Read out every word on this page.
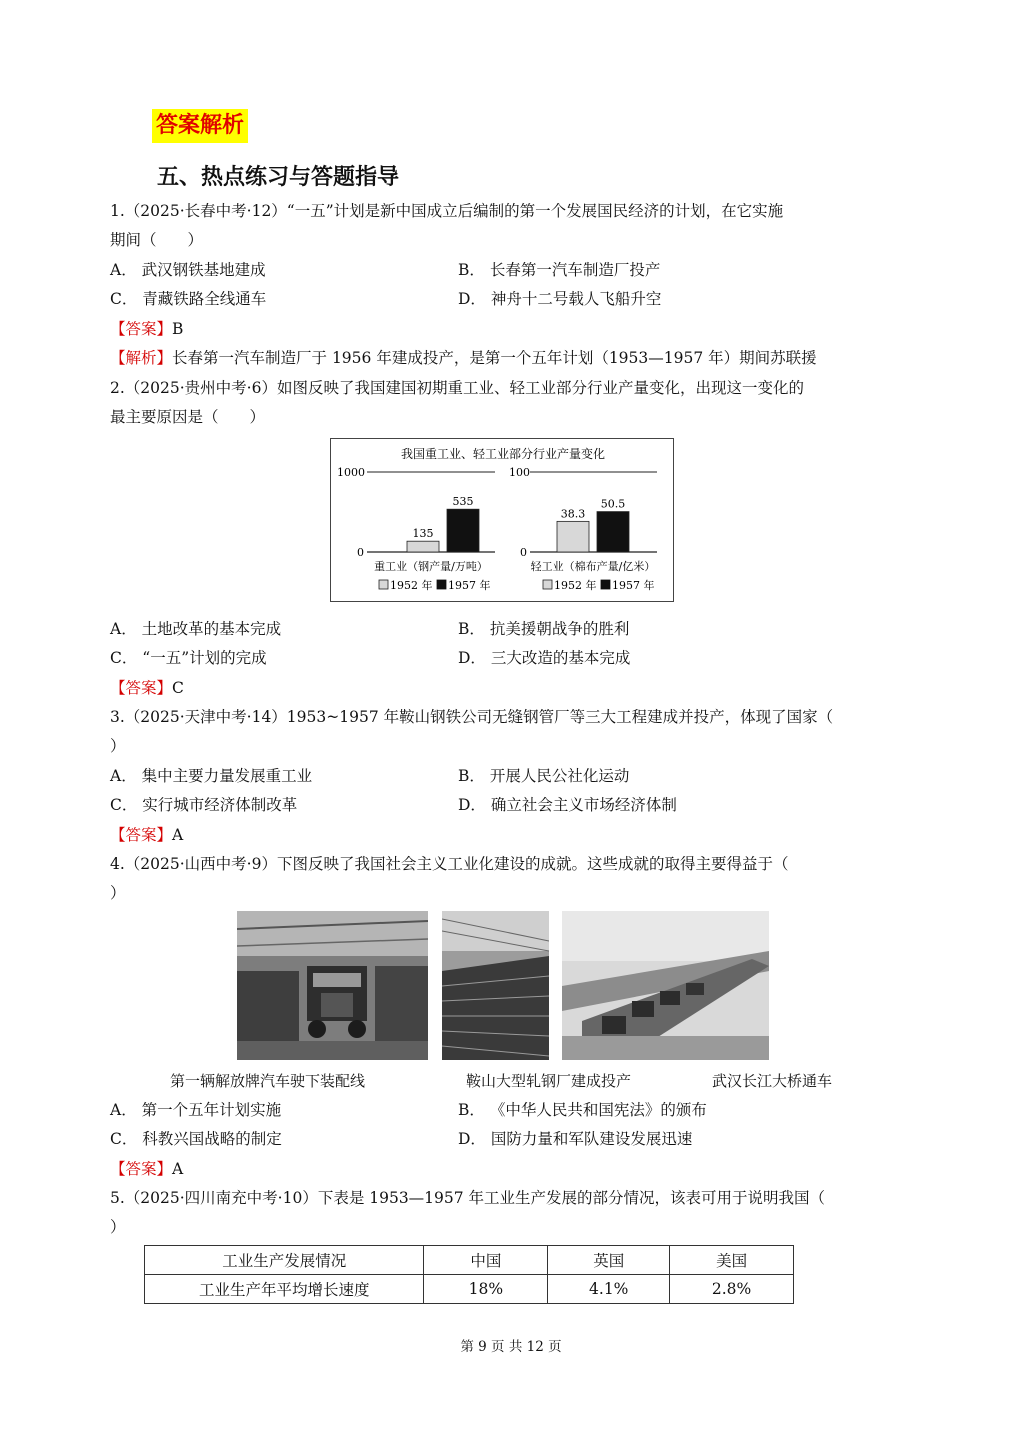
答案解析
五、热点练习与答题指导
1.（2025·长春中考·12）“一五”计划是新中国成立后编制的第一个发展国民经济的计划，在它实施
期间（　　）
A． 武汉钢铁基地建成	B． 长春第一汽车制造厂投产
C． 青藏铁路全线通车	D． 神舟十二号载人飞船升空
【答案】B
【解析】长春第一汽车制造厂于 1956 年建成投产，是第一个五年计划（1953—1957 年）期间苏联援
2.（2025·贵州中考·6）如图反映了我国建国初期重工业、轻工业部分行业产量变化，出现这一变化的
最主要原因是（　　）
我国重工业、轻工业部分行业产量变化
1000	100
0	0
重工业（钢产量/万吨）	轻工业（棉布产量/亿米）
1952 年 1957 年	1952 年 1957 年
135
535
38.3
50.5
A． 土地改革的基本完成	B． 抗美援朝战争的胜利
C． “一五”计划的完成	D． 三大改造的基本完成
【答案】C
3.（2025·天津中考·14）1953~1957 年鞍山钢铁公司无缝钢管厂等三大工程建成并投产，体现了国家（
）
A． 集中主要力量发展重工业	B． 开展人民公社化运动
C． 实行城市经济体制改革	D． 确立社会主义市场经济体制
【答案】A
4.（2025·山西中考·9）下图反映了我国社会主义工业化建设的成就。这些成就的取得主要得益于（
）
第一辆解放牌汽车驶下装配线	鞍山大型轧钢厂建成投产	武汉长江大桥通车
A． 第一个五年计划实施	B． 《中华人民共和国宪法》的颁布
C． 科教兴国战略的制定	D． 国防力量和军队建设发展迅速
【答案】A
5.（2025·四川南充中考·10）下表是 1953—1957 年工业生产发展的部分情况，该表可用于说明我国（
）
工业生产发展情况	中国	英国	美国
工业生产年平均增长速度	18%	4.1%	2.8%
第 9 页 共 12 页
